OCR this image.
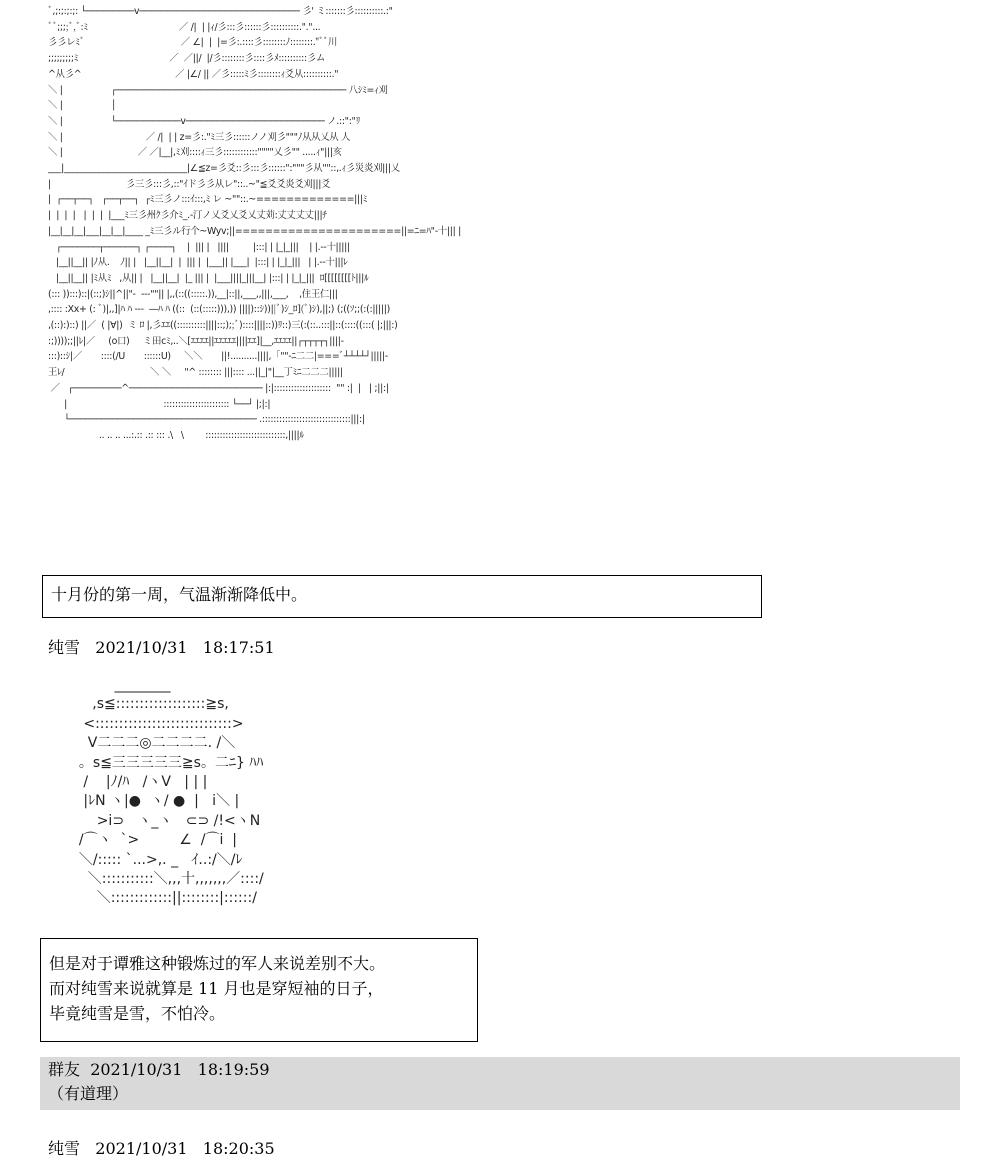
ﾞ,;:;:;:;: └─────────v────────────────────────────── 彡' ミ:::::::彡::::::::::.:"
ﾞﾞ;;;;ﾞ,ﾞ:ﾐ                                  ／ /|  | |ｨ/彡:::彡::::::彡::::::::::."."...
彡彡レﾐﾞ                                    ／ ∠|  |  |=彡:.::::彡::::::::ﾉ::::::::."ﾞﾞ川
;;;;;;;;;ﾐ                                  ／  ／||/  |/彡::::::::彡::::彡ﾒ::::::::::彡ム
^从彡^                                   ／ |∠/ || ／彡:::::ﾐ彡::::::::ｨ爻从::::::::::."
＼ |                  ┌─────────────────────────────────────────── 八ｼﾐ=ｨ刈
＼ |                  │
＼ |                  └────────────v────────────────────────── ノ.::":"ﾘ
＼ |                               ／ /|  | | z=彡:."ﾐ三彡::::::ノノ刈彡"""ﾉ从从乂从 人
＼ |                            ／ ／|__|,ﾐ刈::::ｨ三彡::::::::::::""""乂彡"" .....ｨ"|||亥
___|____________________________|∠≦z=彡爻::彡:::彡::::::":"""彡从""::,.ｨ彡災炎刈|||乂
|                            彡三彡:::彡,::"ｲド彡彡从レ"::..~"≦爻爻炎爻刈|||爻
|  ┌──┬──┐   ┌──┬──┐  ┌ﾐ三彡ノ:::ｲ:::,ﾐ レ ~""::.~=============|||ﾐ
|  |  |  |   |  |  |  |___ﾐ三彡州ｸ彡介ﾐ_.-汀ノ乂爻乂爻乂丈苅:丈丈丈丈|||ﾁ
|__|__|__|___|__|__|____ _ﾐ三彡ル行个~Wyv;||======================||=ﾆ=ﾊ"-十||| |
┌───────┬──────┐ ┌────┐    |  ||| |   ||||         |:::| | |_|_|||    | |.--十|||||
|__||__|| |ﾉ从.    ﾉ|| |   |__||__|  |  ||| |  |___|| |___|  |:::| | |_|_|||   | |.--十|||ﾚ
|__||__|| |ﾐ从ﾐ   ,从|| |   |__||__|  |_ ||| |  |___||||_|||__| |:::| | |_|_|||  ﾛ[[[[[[[[ﾄ|||ﾙ
(::: )):::)::|(::;)ｼ||^||"-  ---""|| |,,(::((:::::.)),__|::||,___,,|||,___,    ,住王仁|||
,:::: :Xx+ (: ﾞ)|,,]|ﾊ ﾊ ---  ―ﾊ ﾊ ((::  (::(:::::))),)) ||||)::ｼ))||ﾞ)ｼ_ﾛ](ﾞ)ｼ),||;) (;((ｿ;;(:(:|||||)
,(::):)::) ||／  ( |∀|)  ミ ﾛ |,彡ｴｴ((::::::::::||||::;);;ﾞ)::::||||::))ﾘ::)三(:(::..:::||::(::::((:::( |;|||:)
:;))));;||ﾚ|／     (o口)     ミ田cﾐ,..＼[ｴｴｴｴ||ｴｴｴｴｴ||||ｴｴ]|__,ｴｴｴｴ||┌┬┬┬┬┐||||-
:::)::ｼ|／       ::::(/U       ::::::U)     ＼＼       ||!..........||||,「""-ﾆ二二|===ﾞ┴┴┴┴┘|||||-
王ﾚ/                                ＼ ＼     "^ :::::::: |||:::: ...||_|"|__丁ﾐﾆ二二二|||||
／   ┌─────────^───────────────────────── |:|::::::::::::::::::::  "" :|  |   | ;||:|
|                                    ::::::::::::::::::::::: └──┘ |;|:|
└─────────────────────────────────── .:::::::::::::::::::::::::::::::|||:|
.. .. .. ...:.:: .:: ::: .\   \        ::::::::::::::::::::::::::::,||||ﾙ
十月份的第一周，气温渐渐降低中。
纯雪 2021/10/31 18:17:51
________
,s≦:::::::::::::::::::≧s,
<:::::::::::::::::::::::::::::>
V二二二◎二二二二. /＼
。s≦三三三三三≧s。二ﾆ} ﾊﾊ
/    |ﾉ/ﾊ   /ヽV   | | |
|ﾚN ヽ|●  ヽ/ ●  |   i＼ |
>i⊃   ヽ_ヽ   ⊂⊃ /!<ヽN
/⌒ヽ  `>         ∠  /⌒i  |
＼/::::: `...>,. _   ｲ..:/＼/ﾚ
＼:::::::::::＼,,,十,,,,,,,／::::/
＼:::::::::::::||::::::::|::::::/
但是对于谭雅这种锻炼过的军人来说差别不大。
而对纯雪来说就算是 11 月也是穿短袖的日子，
毕竟纯雪是雪，不怕冷。
群友 2021/10/31 18:19:59
（有道理）
纯雪 2021/10/31 18:20:35
